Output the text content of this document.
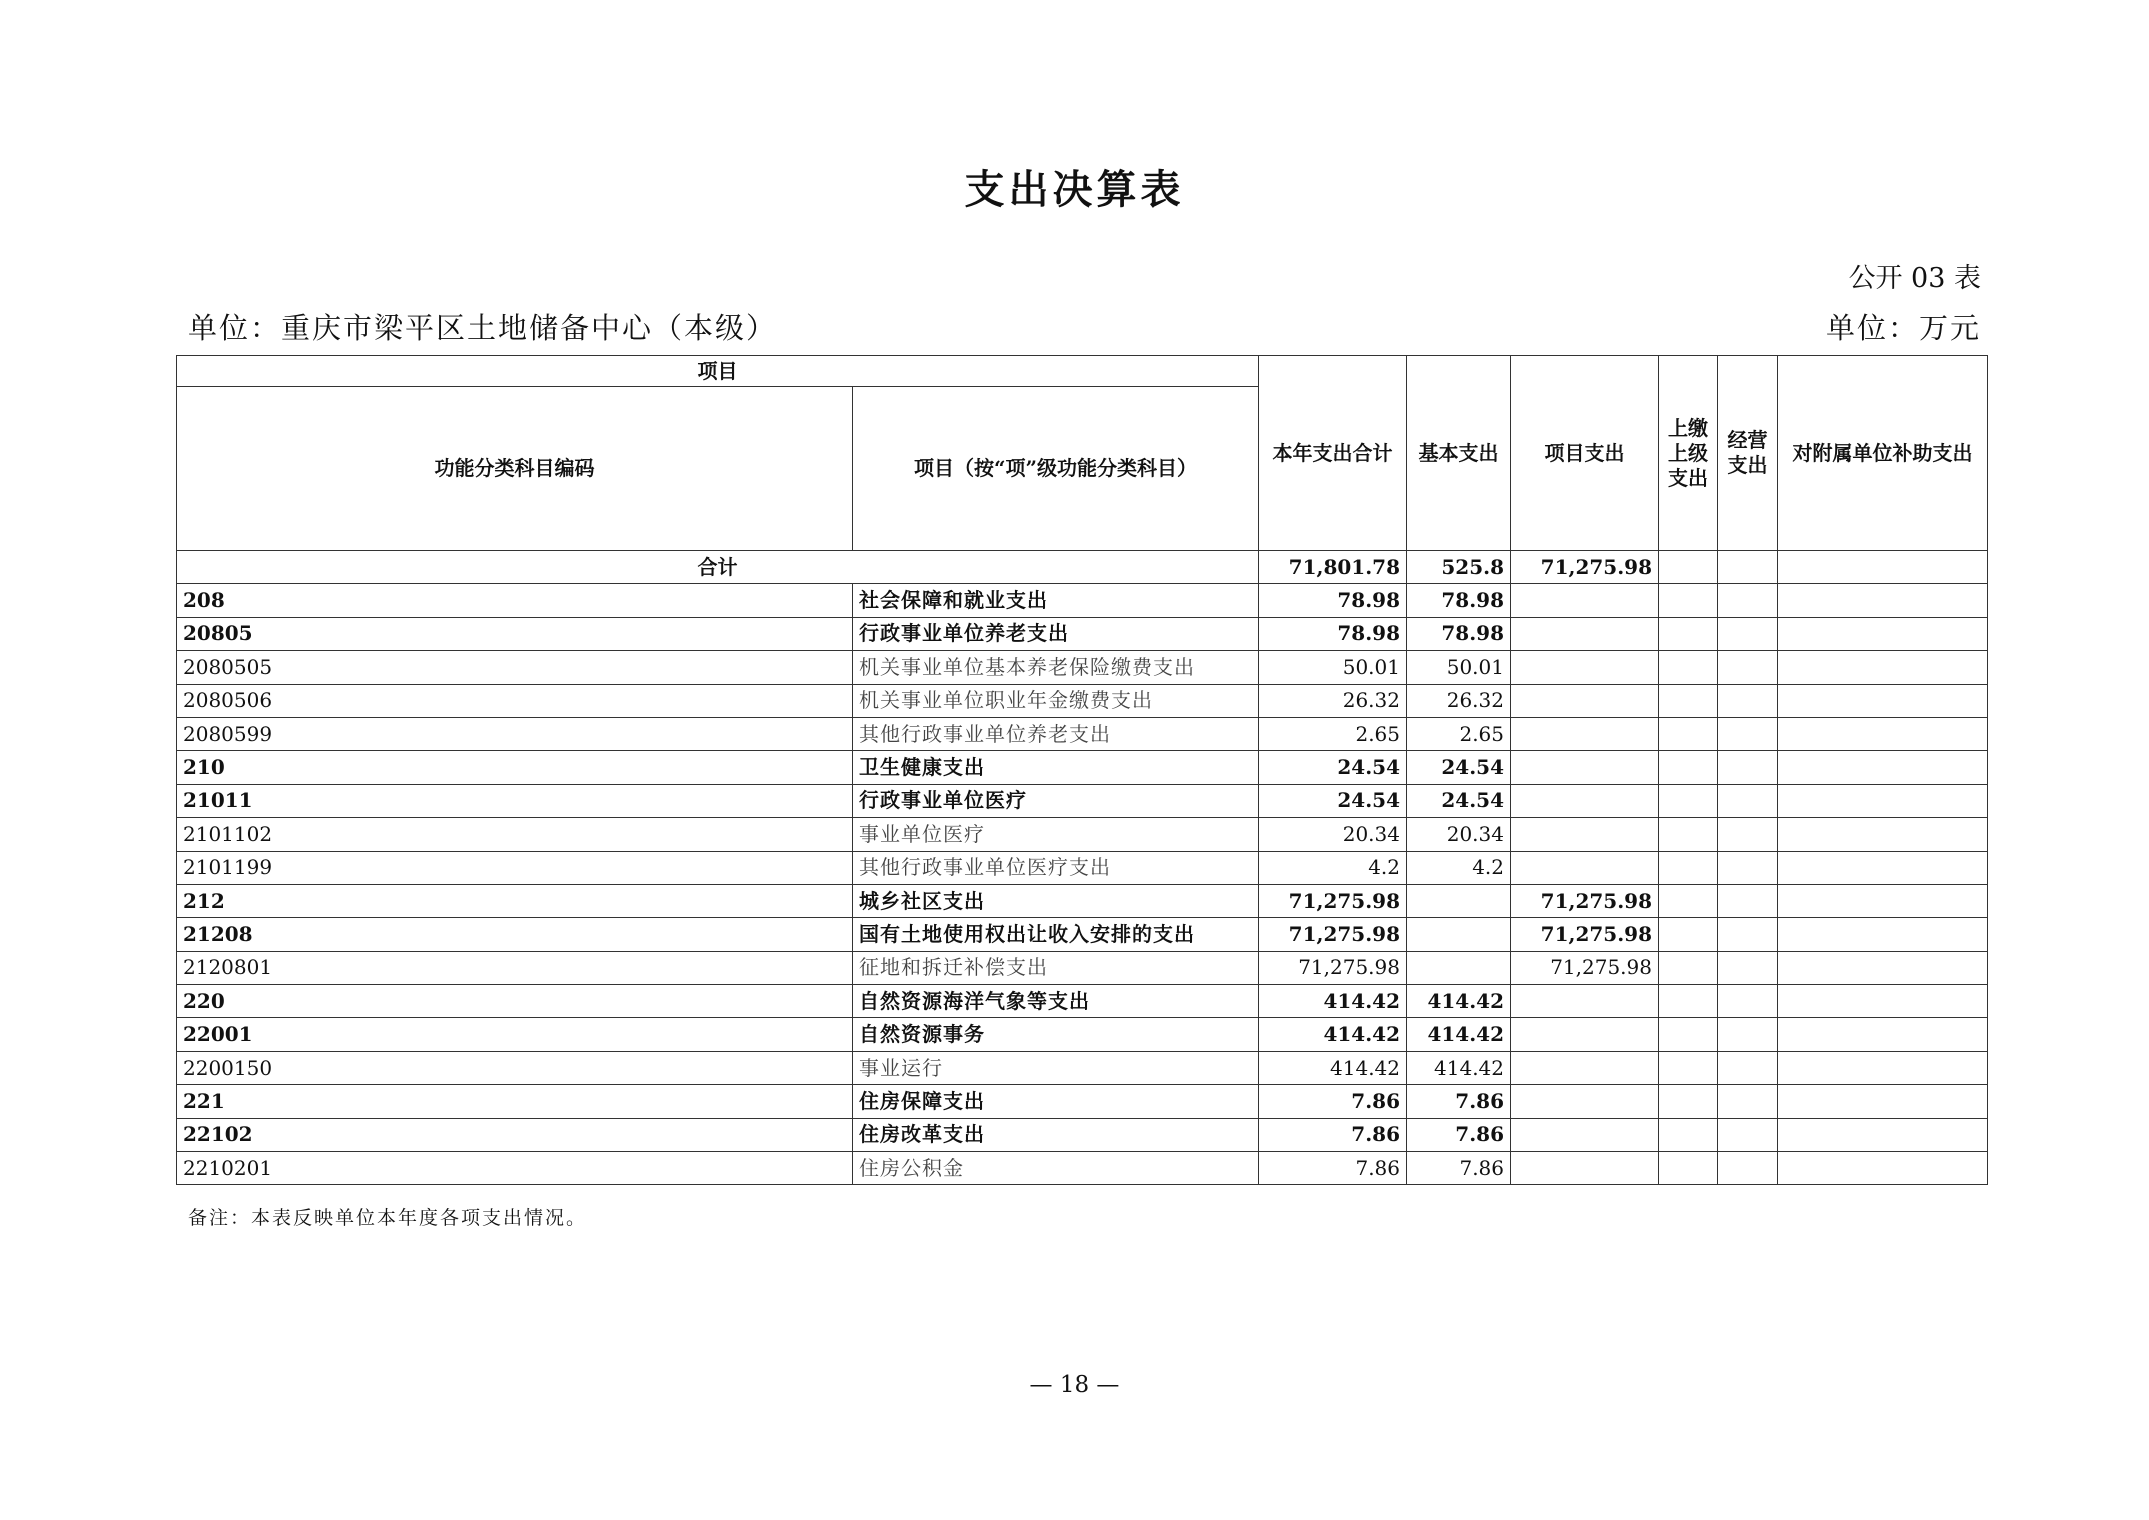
支出决算表
公开 03 表
单位：重庆市梁平区土地储备中心（本级）	单位：万元
项目		本年支出合计	基本支出	项目支出	上缴上级支出	经营支出	对附属单位补助支出
功能分类科目编码	项目（按“项”级功能分类科目）						
合计		71,801.78	525.8	71,275.98			
208	社会保障和就业支出	78.98	78.98				
20805	行政事业单位养老支出	78.98	78.98				
2080505	机关事业单位基本养老保险缴费支出	50.01	50.01				
2080506	机关事业单位职业年金缴费支出	26.32	26.32				
2080599	其他行政事业单位养老支出	2.65	2.65				
210	卫生健康支出	24.54	24.54				
21011	行政事业单位医疗	24.54	24.54				
2101102	事业单位医疗	20.34	20.34				
2101199	其他行政事业单位医疗支出	4.2	4.2				
212	城乡社区支出	71,275.98		71,275.98			
21208	国有土地使用权出让收入安排的支出	71,275.98		71,275.98			
2120801	征地和拆迁补偿支出	71,275.98		71,275.98			
220	自然资源海洋气象等支出	414.42	414.42				
22001	自然资源事务	414.42	414.42				
2200150	事业运行	414.42	414.42				
221	住房保障支出	7.86	7.86				
22102	住房改革支出	7.86	7.86				
2210201	住房公积金	7.86	7.86				
备注：本表反映单位本年度各项支出情况。
— 18 —
